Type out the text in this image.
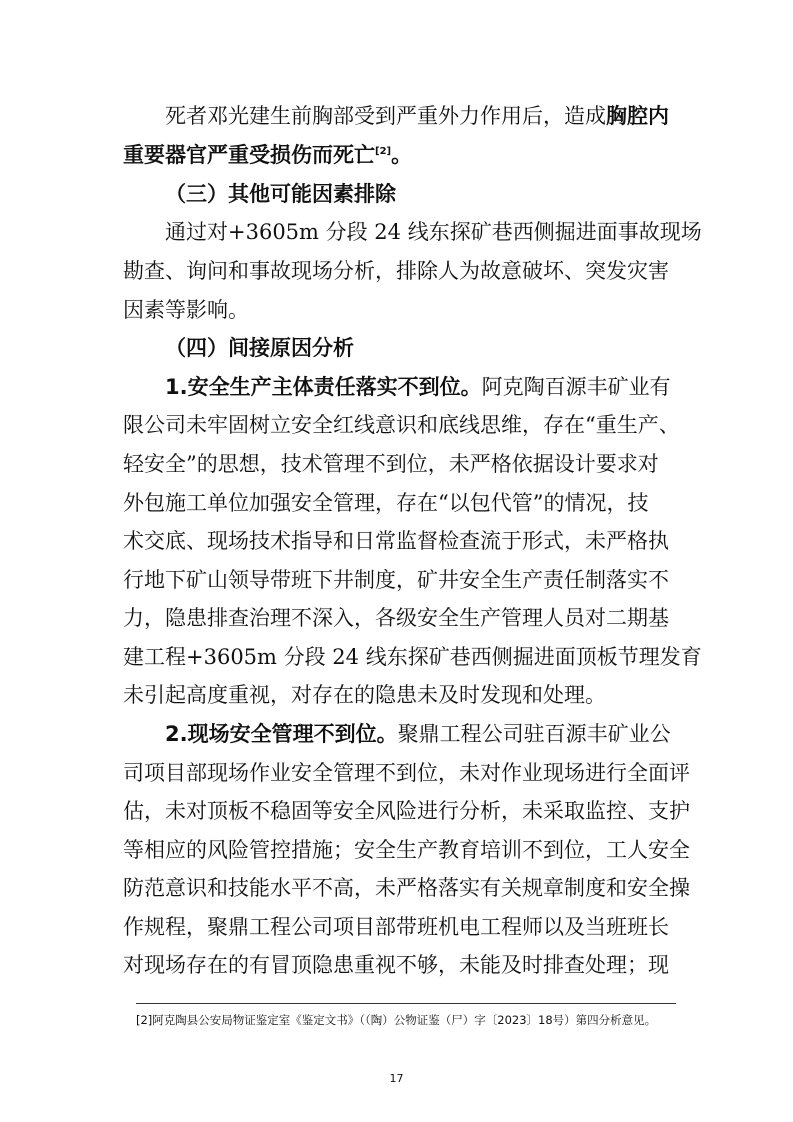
死者邓光建生前胸部受到严重外力作用后，造成胸腔内
重要器官严重受损伤而死亡[2]。
（三）其他可能因素排除
通过对+3605m 分段 24 线东探矿巷西侧掘进面事故现场
勘查、询问和事故现场分析，排除人为故意破坏、突发灾害
因素等影响。
（四）间接原因分析
1.安全生产主体责任落实不到位。阿克陶百源丰矿业有
限公司未牢固树立安全红线意识和底线思维，存在“重生产、
轻安全”的思想，技术管理不到位，未严格依据设计要求对
外包施工单位加强安全管理，存在“以包代管”的情况，技
术交底、现场技术指导和日常监督检查流于形式，未严格执
行地下矿山领导带班下井制度，矿井安全生产责任制落实不
力，隐患排查治理不深入，各级安全生产管理人员对二期基
建工程+3605m 分段 24 线东探矿巷西侧掘进面顶板节理发育
未引起高度重视，对存在的隐患未及时发现和处理。
2.现场安全管理不到位。聚鼎工程公司驻百源丰矿业公
司项目部现场作业安全管理不到位，未对作业现场进行全面评
估，未对顶板不稳固等安全风险进行分析，未采取监控、支护
等相应的风险管控措施；安全生产教育培训不到位，工人安全
防范意识和技能水平不高，未严格落实有关规章制度和安全操
作规程，聚鼎工程公司项目部带班机电工程师以及当班班长
对现场存在的有冒顶隐患重视不够，未能及时排查处理；现
[2]阿克陶县公安局物证鉴定室《鉴定文书》（（陶）公物证鉴（尸）字〔2023〕18号）第四分析意见。
17
